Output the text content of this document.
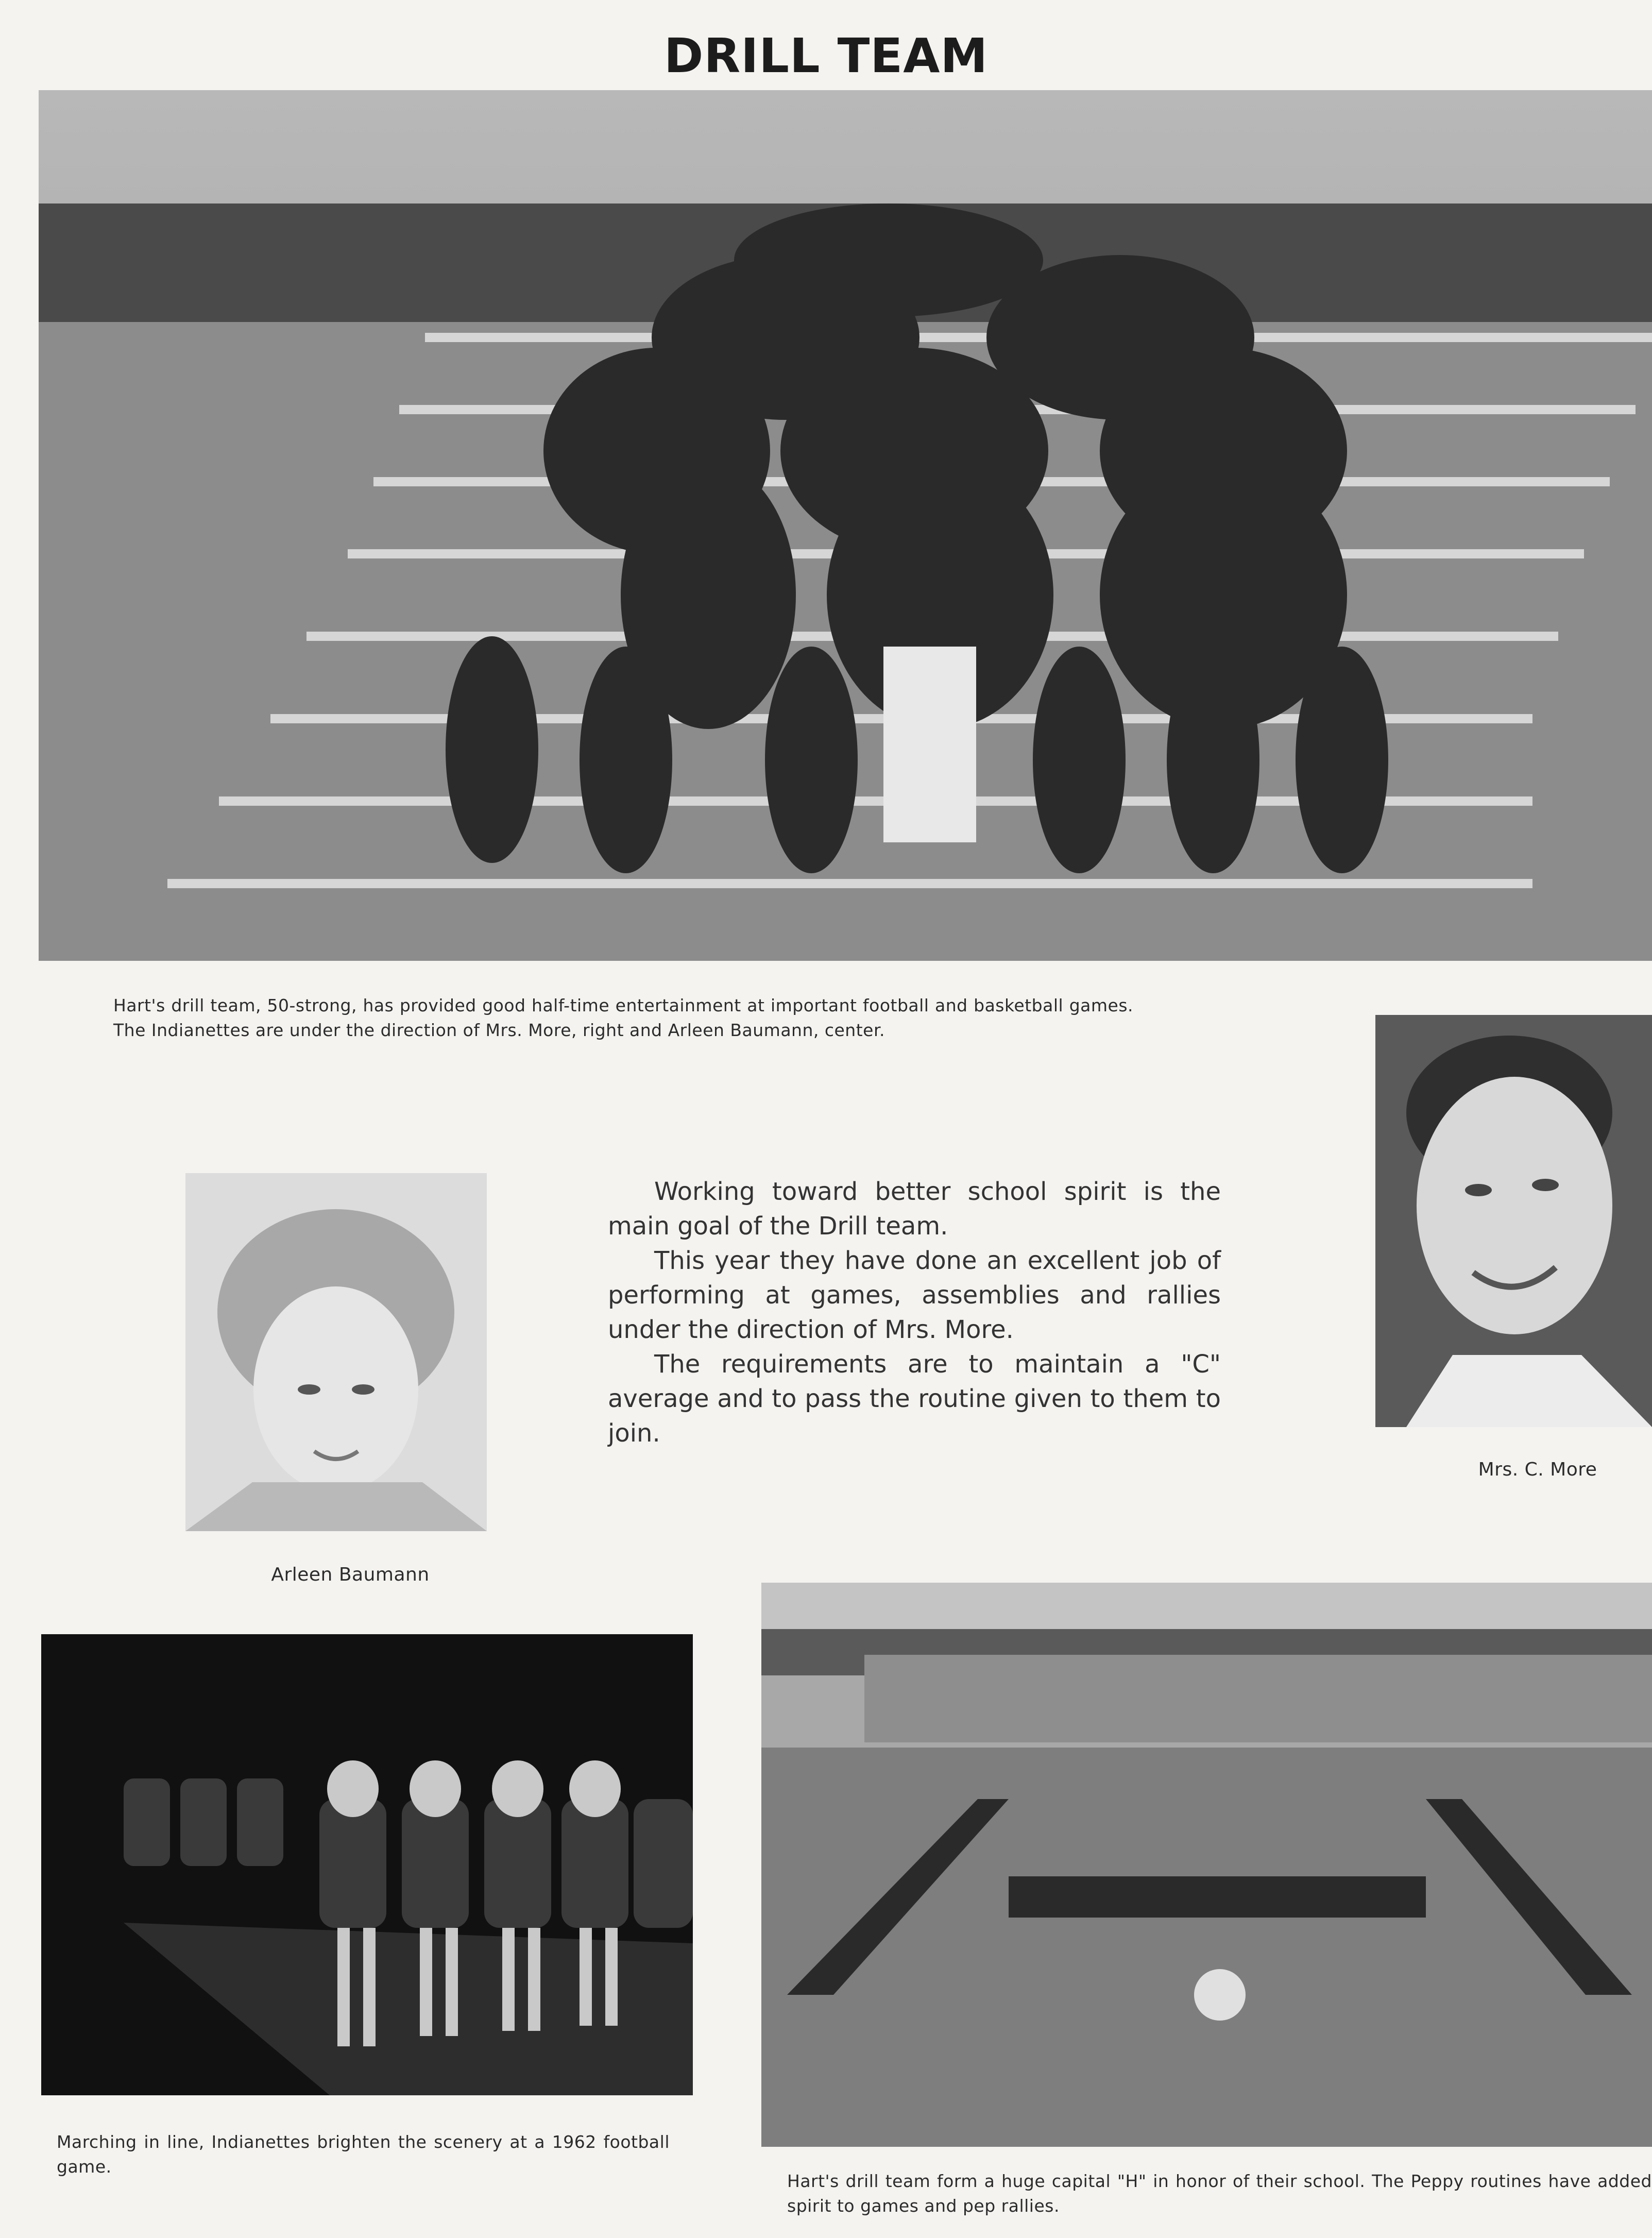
DRILL TEAM
Hart's drill team, 50-strong, has provided good half-time entertainment at important football and basketball games. The Indianettes are under the direction of Mrs. More, right and Arleen Baumann, center.
Arleen Baumann

Working toward better school spirit is the main goal of the Drill team.

This year they have done an excellent job of performing at games, assemblies and rallies under the direction of Mrs. More.

The requirements are to maintain a "C" average and to pass the routine given to them to join.

Mrs. C. More
Marching in line, Indianettes brighten the scenery at a 1962 football game.
Hart's drill team form a huge capital "H" in honor of their school. The Peppy routines have added spirit to games and pep rallies.
